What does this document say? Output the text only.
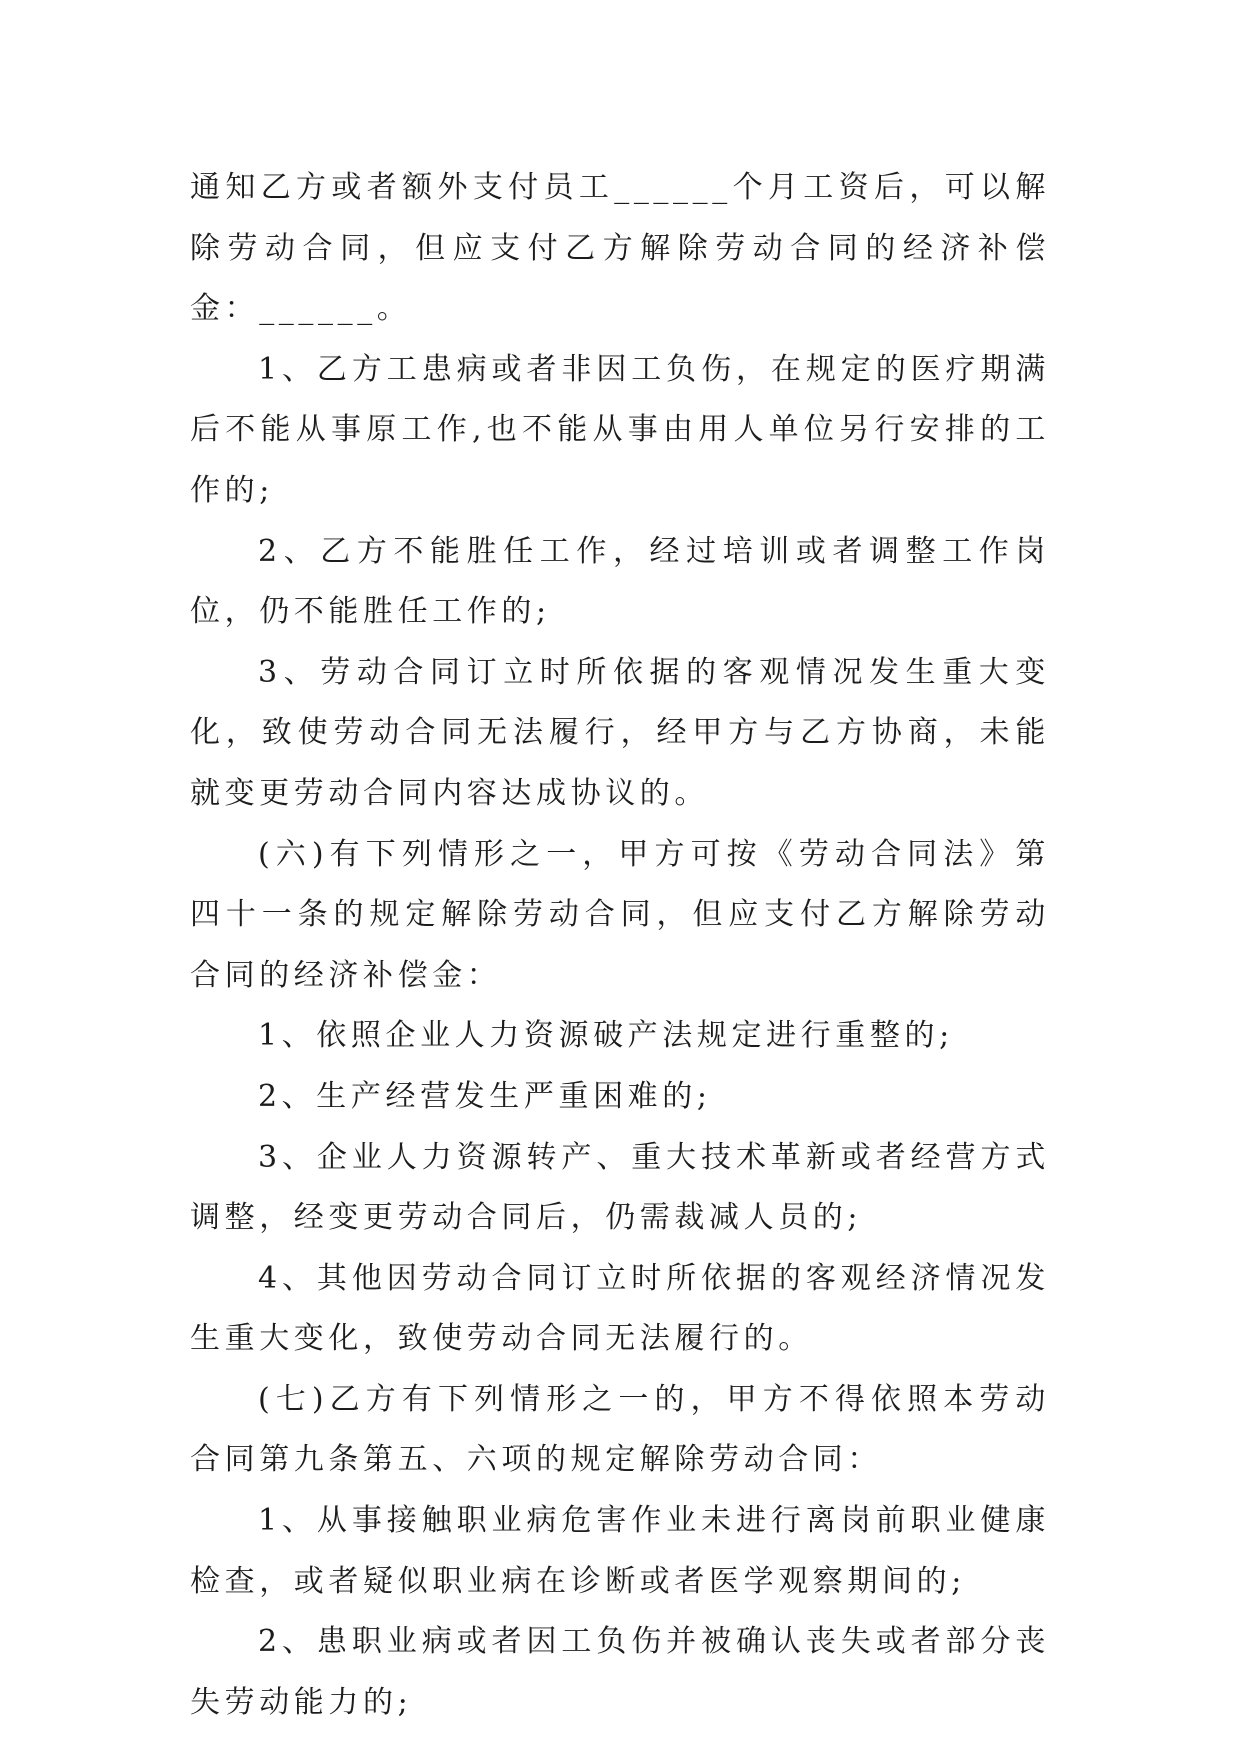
通知乙方或者额外支付员工______个月工资后，可以解除劳动合同，但应支付乙方解除劳动合同的经济补偿金：______。

1、乙方工患病或者非因工负伤，在规定的医疗期满后不能从事原工作,也不能从事由用人单位另行安排的工作的;

2、乙方不能胜任工作，经过培训或者调整工作岗位，仍不能胜任工作的;

3、劳动合同订立时所依据的客观情况发生重大变化，致使劳动合同无法履行，经甲方与乙方协商，未能就变更劳动合同内容达成协议的。

(六)有下列情形之一，甲方可按《劳动合同法》第四十一条的规定解除劳动合同，但应支付乙方解除劳动合同的经济补偿金：

1、依照企业人力资源破产法规定进行重整的;

2、生产经营发生严重困难的;

3、企业人力资源转产、重大技术革新或者经营方式调整，经变更劳动合同后，仍需裁减人员的;

4、其他因劳动合同订立时所依据的客观经济情况发生重大变化，致使劳动合同无法履行的。

(七)乙方有下列情形之一的，甲方不得依照本劳动合同第九条第五、六项的规定解除劳动合同：

1、从事接触职业病危害作业未进行离岗前职业健康检查，或者疑似职业病在诊断或者医学观察期间的;

2、患职业病或者因工负伤并被确认丧失或者部分丧失劳动能力的;
